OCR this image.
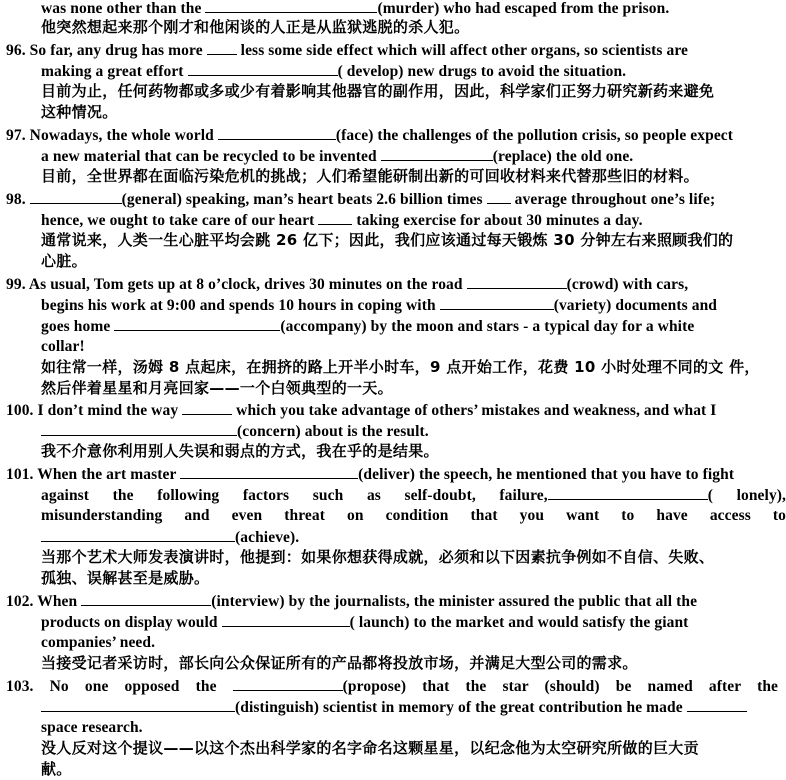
was none other than the	(murder) who had escaped from the prison.
他突然想起来那个刚才和他闲谈的人正是从监狱逃脱的杀人犯。
96. So far, any drug has more less some side effect which will affect other organs, so scientists are
making a great effort	( develop) new drugs to avoid the situation.
目前为止，任何药物都或多或少有着影响其他器官的副作用，因此，科学家们正努力研究新药来避免
这种情况。
97. Nowadays, the whole world	(face) the challenges of the pollution crisis, so people expect
a new material that can be recycled to be invented	(replace) the old one.
目前，全世界都在面临污染危机的挑战；人们希望能研制出新的可回收材料来代替那些旧的材料。
98.	(general) speaking, man’s heart beats 2.6 billion times average throughout one’s life;
hence, we ought to take care of our heart	taking exercise for about 30 minutes a day.
通常说来，人类一生心脏平均会跳 26 亿下；因此，我们应该通过每天锻炼 30 分钟左右来照顾我们的
心脏。
99. As usual, Tom gets up at 8 o’clock, drives 30 minutes on the road	(crowd) with cars,
begins his work at 9:00 and spends 10 hours in coping with	(variety) documents and
goes home	(accompany) by the moon and stars - a typical day for a white
collar!
如往常一样，汤姆 8 点起床，在拥挤的路上开半小时车，9 点开始工作，花费 10 小时处理不同的文 件，
然后伴着星星和月亮回家——一个白领典型的一天。
100. I don’t mind the way	which you take advantage of others’ mistakes and weakness, and what I
(concern) about is the result.
我不介意你利用别人失误和弱点的方式，我在乎的是结果。
101. When the art master	(deliver) the speech, he mentioned that you have to fight
against the following factors such as self-doubt, failure,	( lonely),
misunderstanding and even threat on condition that you want to have access to
(achieve).
当那个艺术大师发表演讲时，他提到：如果你想获得成就，必须和以下因素抗争例如不自信、失败、
孤独、误解甚至是威胁。
102. When	(interview) by the journalists, the minister assured the public that all the
products on display would	( launch) to the market and would satisfy the giant
companies’ need.
当接受记者采访时，部长向公众保证所有的产品都将投放市场，并满足大型公司的需求。
103. No one opposed the	(propose) that the star (should) be named after the
(distinguish) scientist in memory of the great contribution he made
space research.
没人反对这个提议——以这个杰出科学家的名字命名这颗星星，以纪念他为太空研究所做的巨大贡
献。
